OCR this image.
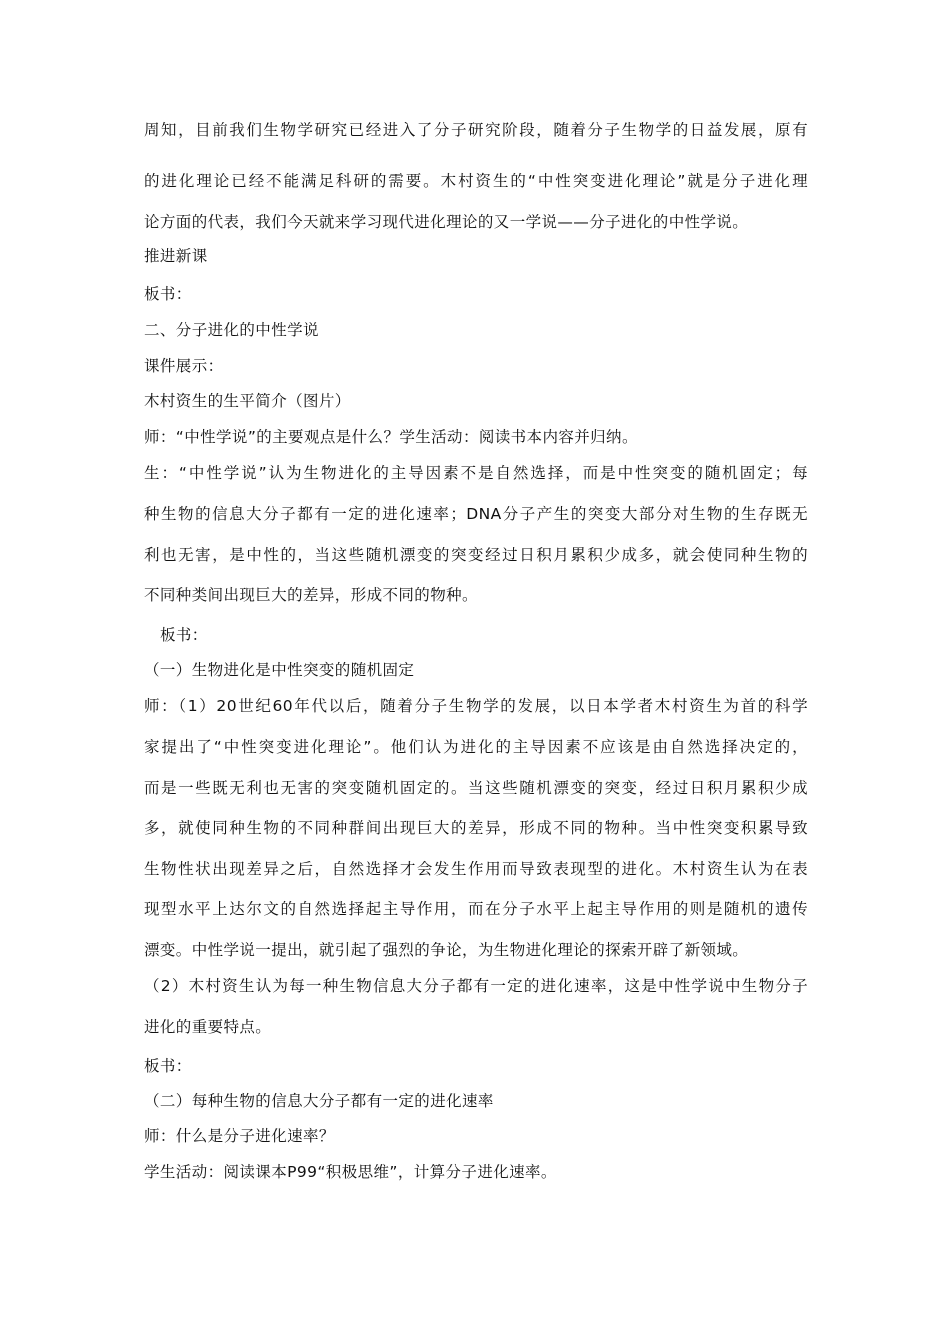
周知，目前我们生物学研究已经进入了分子研究阶段，随着分子生物学的日益发展，原有
的进化理论已经不能满足科研的需要。木村资生的“中性突变进化理论”就是分子进化理
论方面的代表，我们今天就来学习现代进化理论的又一学说——分子进化的中性学说。
推进新课
板书：
二、分子进化的中性学说
课件展示：
木村资生的生平简介（图片）
师：“中性学说”的主要观点是什么？学生活动：阅读书本内容并归纳。
生：“中性学说”认为生物进化的主导因素不是自然选择，而是中性突变的随机固定；每
种生物的信息大分子都有一定的进化速率；DNA分子产生的突变大部分对生物的生存既无
利也无害，是中性的，当这些随机漂变的突变经过日积月累积少成多，就会使同种生物的
不同种类间出现巨大的差异，形成不同的物种。
板书：
（一）生物进化是中性突变的随机固定
师：（1）20世纪60年代以后，随着分子生物学的发展，以日本学者木村资生为首的科学
家提出了“中性突变进化理论”。他们认为进化的主导因素不应该是由自然选择决定的，
而是一些既无利也无害的突变随机固定的。当这些随机漂变的突变，经过日积月累积少成
多，就使同种生物的不同种群间出现巨大的差异，形成不同的物种。当中性突变积累导致
生物性状出现差异之后，自然选择才会发生作用而导致表现型的进化。木村资生认为在表
现型水平上达尔文的自然选择起主导作用，而在分子水平上起主导作用的则是随机的遗传
漂变。中性学说一提出，就引起了强烈的争论，为生物进化理论的探索开辟了新领域。
（2）木村资生认为每一种生物信息大分子都有一定的进化速率，这是中性学说中生物分子
进化的重要特点。
板书：
（二）每种生物的信息大分子都有一定的进化速率
师：什么是分子进化速率？
学生活动：阅读课本P99“积极思维”，计算分子进化速率。
